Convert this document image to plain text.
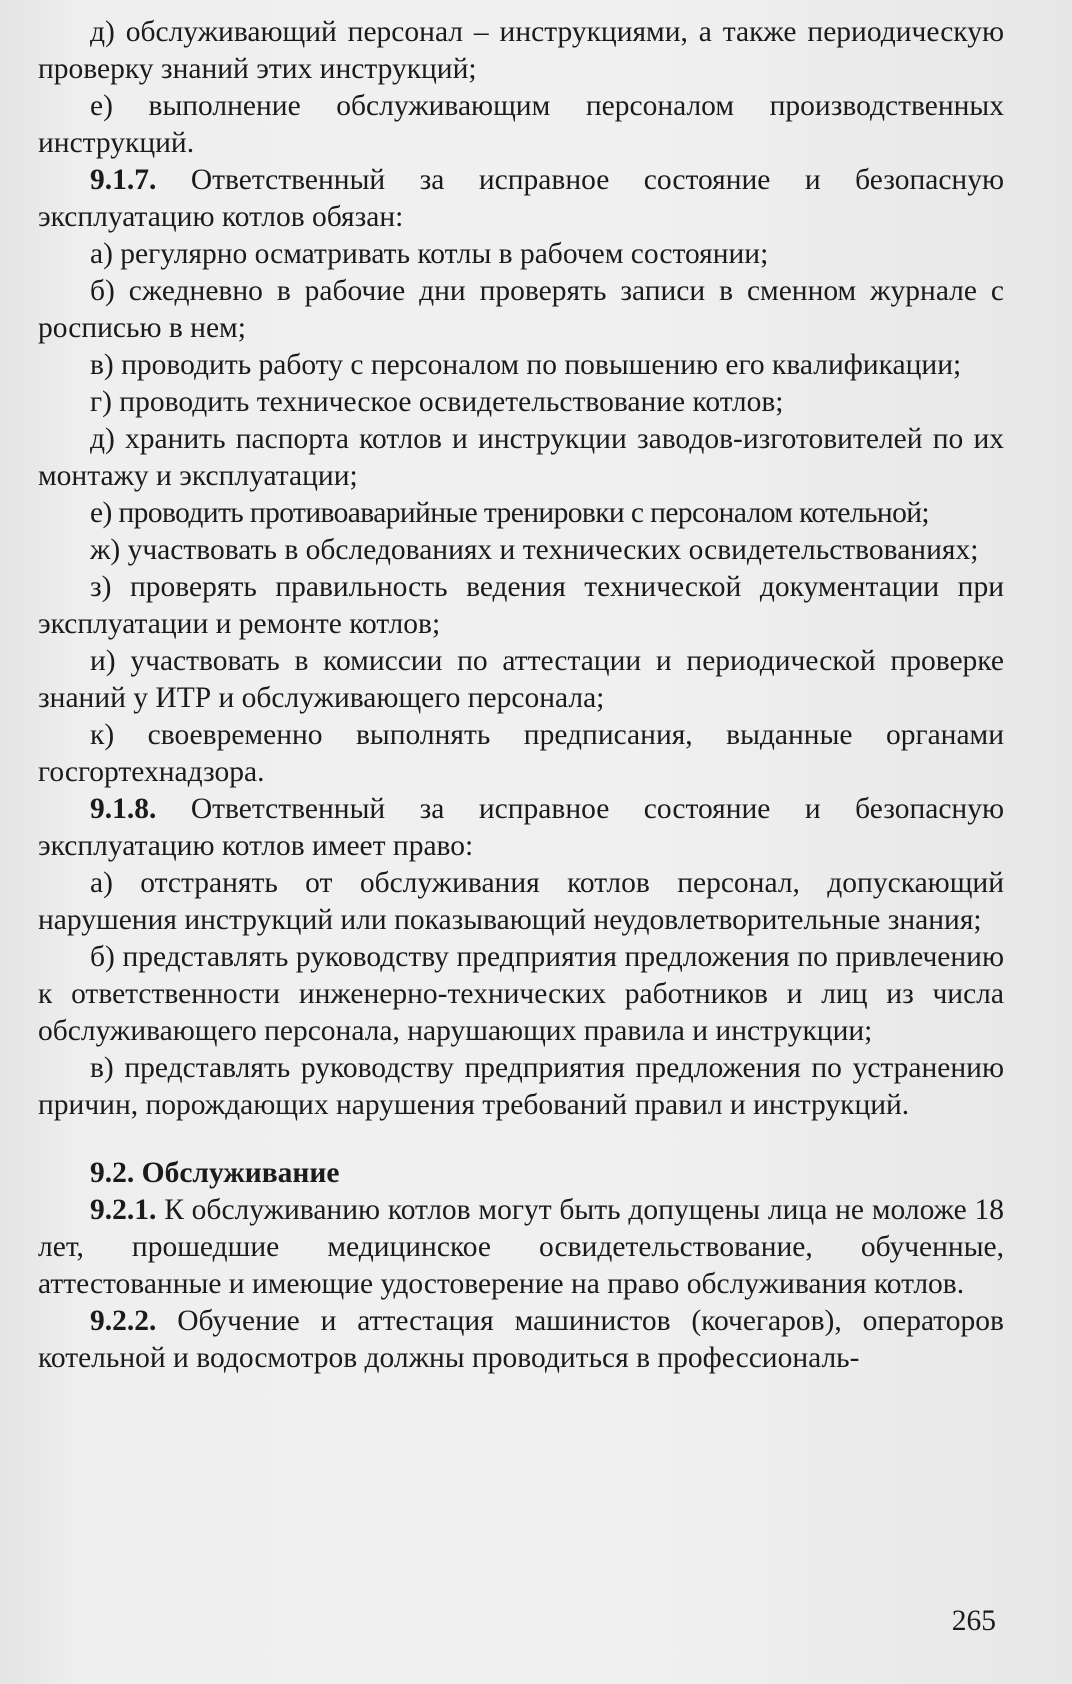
д) обслуживающий персонал – инструкциями, а также периодическую проверку знаний этих инструкций;

е) выполнение обслуживающим персоналом производственных инструкций.

9.1.7. Ответственный за исправное состояние и безопасную эксплуатацию котлов обязан:

а) регулярно осматривать котлы в рабочем состоянии;

б) сжедневно в рабочие дни проверять записи в сменном журнале с росписью в нем;

в) проводить работу с персоналом по повышению его квалификации;

г) проводить техническое освидетельствование котлов;

д) хранить паспорта котлов и инструкции заводов-изготовителей по их монтажу и эксплуатации;

е) проводить противоаварийные тренировки с персоналом котельной;

ж) участвовать в обследованиях и технических освидетельствованиях;

з) проверять правильность ведения технической документации при эксплуатации и ремонте котлов;

и) участвовать в комиссии по аттестации и периодической проверке знаний у ИТР и обслуживающего персонала;

к) своевременно выполнять предписания, выданные органами госгортехнадзора.

9.1.8. Ответственный за исправное состояние и безопасную эксплуатацию котлов имеет право:

а) отстранять от обслуживания котлов персонал, допускающий нарушения инструкций или показывающий неудовлетворительные знания;

б) представлять руководству предприятия предложения по привлечению к ответственности инженерно-технических работников и лиц из числа обслуживающего персонала, нарушающих правила и инструкции;

в) представлять руководству предприятия предложения по устранению причин, порождающих нарушения требований правил и инструкций.

9.2. Обслуживание

9.2.1. К обслуживанию котлов могут быть допущены лица не моложе 18 лет, прошедшие медицинское освидетельствование, обученные, аттестованные и имеющие удостоверение на право обслуживания котлов.

9.2.2. Обучение и аттестация машинистов (кочегаров), операторов котельной и водосмотров должны проводиться в профессиональ-

265
